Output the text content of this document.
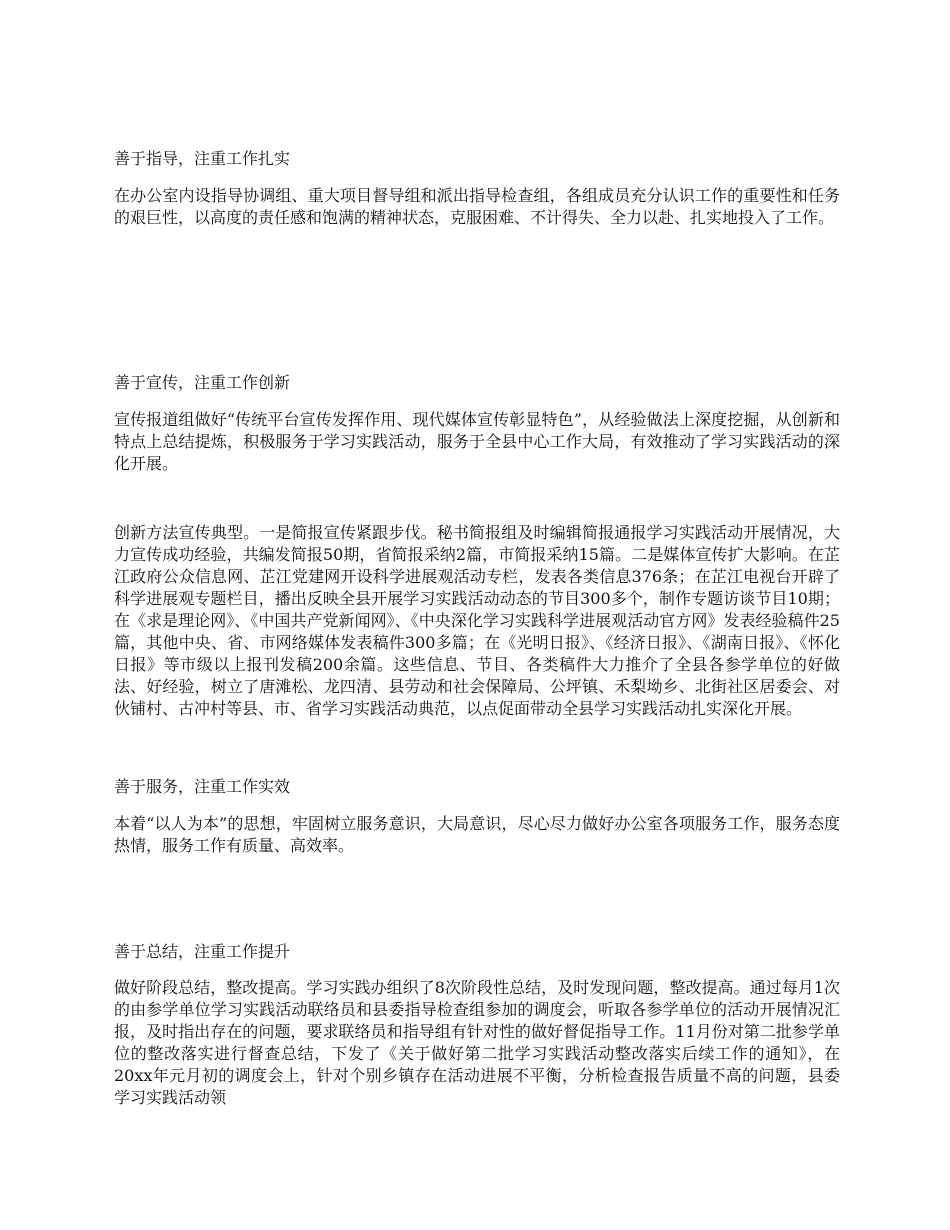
善于指导，注重工作扎实

在办公室内设指导协调组、重大项目督导组和派出指导检查组，各组成员充分认识工作的重要性和任务的艰巨性，以高度的责任感和饱满的精神状态，克服困难、不计得失、全力以赴、扎实地投入了工作。

善于宣传，注重工作创新

宣传报道组做好“传统平台宣传发挥作用、现代媒体宣传彰显特色”，从经验做法上深度挖掘，从创新和特点上总结提炼，积极服务于学习实践活动，服务于全县中心工作大局，有效推动了学习实践活动的深化开展。

创新方法宣传典型。一是简报宣传紧跟步伐。秘书简报组及时编辑简报通报学习实践活动开展情况，大力宣传成功经验，共编发简报50期，省简报采纳2篇，市简报采纳15篇。二是媒体宣传扩大影响。在芷江政府公众信息网、芷江党建网开设科学进展观活动专栏，发表各类信息376条；在芷江电视台开辟了科学进展观专题栏目，播出反映全县开展学习实践活动动态的节目300多个，制作专题访谈节目10期；在《求是理论网》、《中国共产党新闻网》、《中央深化学习实践科学进展观活动官方网》发表经验稿件25篇，其他中央、省、市网络媒体发表稿件300多篇；在《光明日报》、《经济日报》、《湖南日报》、《怀化日报》等市级以上报刊发稿200余篇。这些信息、节目、各类稿件大力推介了全县各参学单位的好做法、好经验，树立了唐滩松、龙四清、县劳动和社会保障局、公坪镇、禾梨坳乡、北街社区居委会、对伙铺村、古冲村等县、市、省学习实践活动典范，以点促面带动全县学习实践活动扎实深化开展。

善于服务，注重工作实效

本着“以人为本”的思想，牢固树立服务意识，大局意识，尽心尽力做好办公室各项服务工作，服务态度热情，服务工作有质量、高效率。

善于总结，注重工作提升

做好阶段总结，整改提高。学习实践办组织了8次阶段性总结，及时发现问题，整改提高。通过每月1次的由参学单位学习实践活动联络员和县委指导检查组参加的调度会，听取各参学单位的活动开展情况汇报，及时指出存在的问题，要求联络员和指导组有针对性的做好督促指导工作。11月份对第二批参学单位的整改落实进行督查总结，下发了《关于做好第二批学习实践活动整改落实后续工作的通知》，在20xx年元月初的调度会上，针对个别乡镇存在活动进展不平衡，分析检查报告质量不高的问题，县委学习实践活动领
